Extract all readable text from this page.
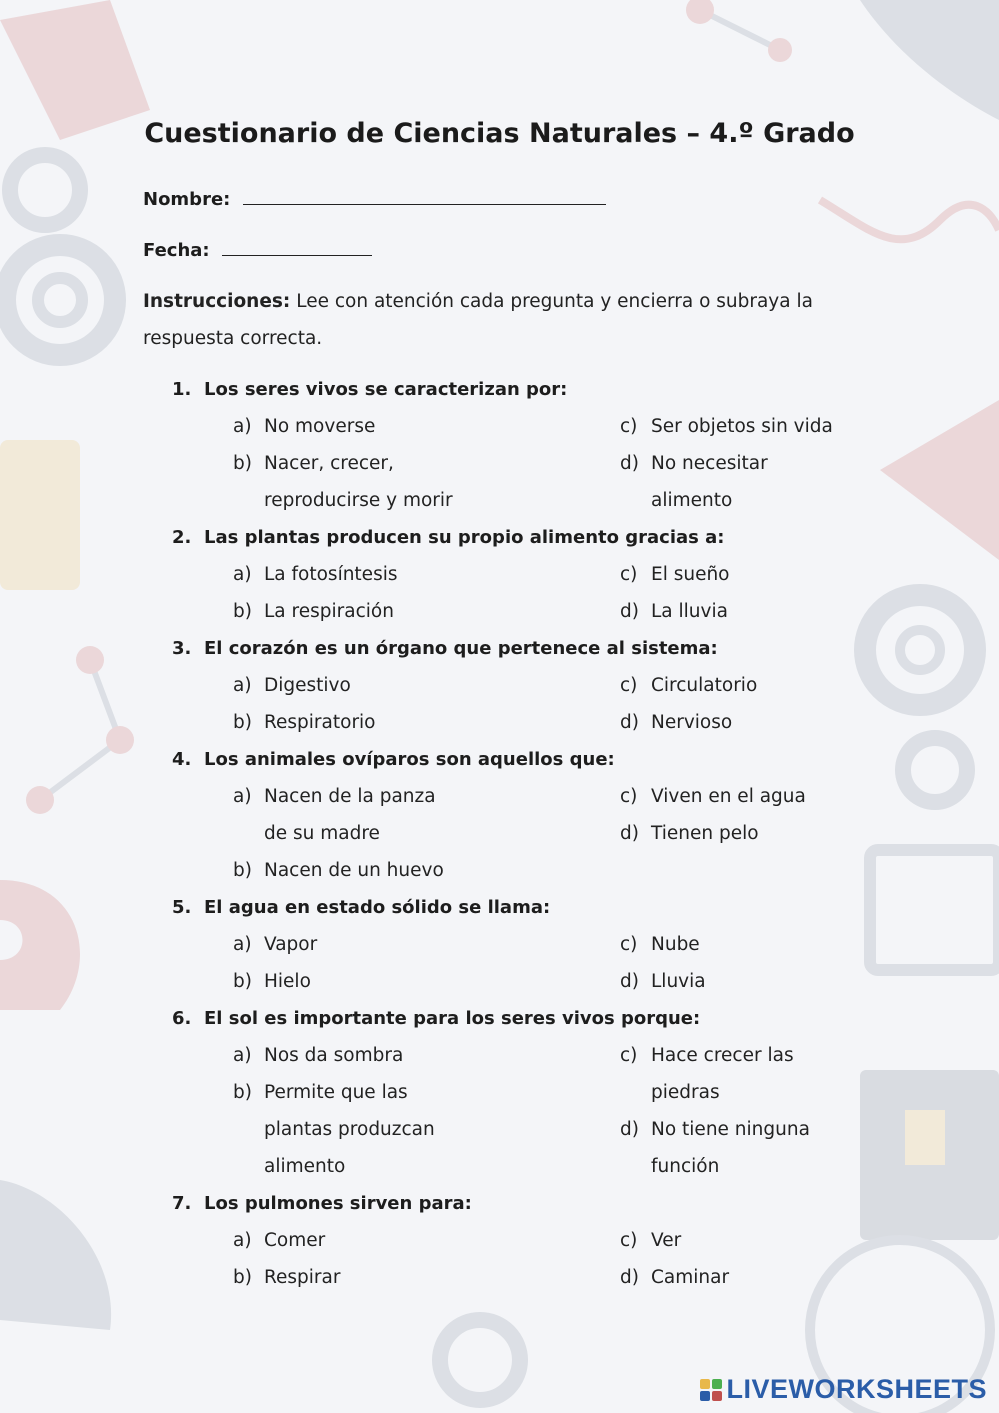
Cuestionario de Ciencias Naturales – 4.º Grado
Nombre:
Fecha:
Instrucciones: Lee con atención cada pregunta y encierra o subraya la respuesta correcta.
1. Los seres vivos se caracterizan por:
a) No moverse
b) Nacer, crecer, reproducirse y morir
c) Ser objetos sin vida
d) No necesitar alimento
2. Las plantas producen su propio alimento gracias a:
a) La fotosíntesis
b) La respiración
c) El sueño
d) La lluvia
3. El corazón es un órgano que pertenece al sistema:
a) Digestivo
b) Respiratorio
c) Circulatorio
d) Nervioso
4. Los animales ovíparos son aquellos que:
a) Nacen de la panza de su madre
b) Nacen de un huevo
c) Viven en el agua
d) Tienen pelo
5. El agua en estado sólido se llama:
a) Vapor
b) Hielo
c) Nube
d) Lluvia
6. El sol es importante para los seres vivos porque:
a) Nos da sombra
b) Permite que las plantas produzcan alimento
c) Hace crecer las piedras
d) No tiene ninguna función
7. Los pulmones sirven para:
a) Comer
b) Respirar
c) Ver
d) Caminar
LIVEWORKSHEETS
